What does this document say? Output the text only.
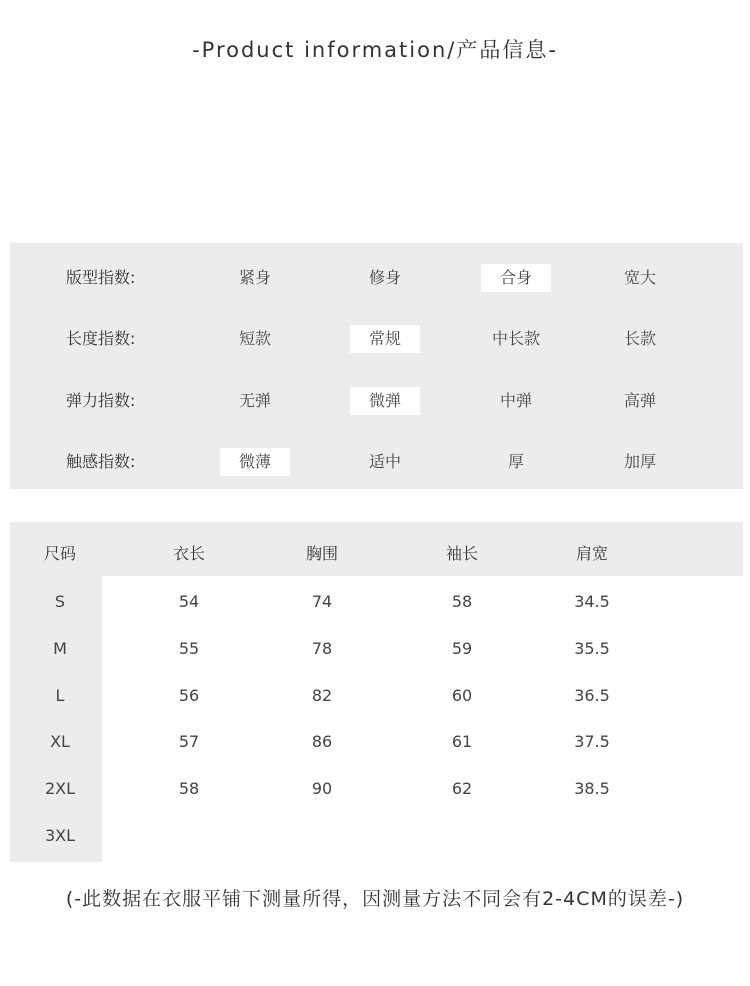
-Product information/产品信息-
版型指数:	紧身	修身	合身	宽大
长度指数:	短款	常规	中长款	长款
弹力指数:	无弹	微弹	中弹	高弹
触感指数:	微薄	适中	厚	加厚
尺码	衣长	胸围	袖长	肩宽
S	54	74	58	34.5
M	55	78	59	35.5
L	56	82	60	36.5
XL	57	86	61	37.5
2XL	58	90	62	38.5
3XL
(-此数据在衣服平铺下测量所得，因测量方法不同会有2-4CM的误差-)
